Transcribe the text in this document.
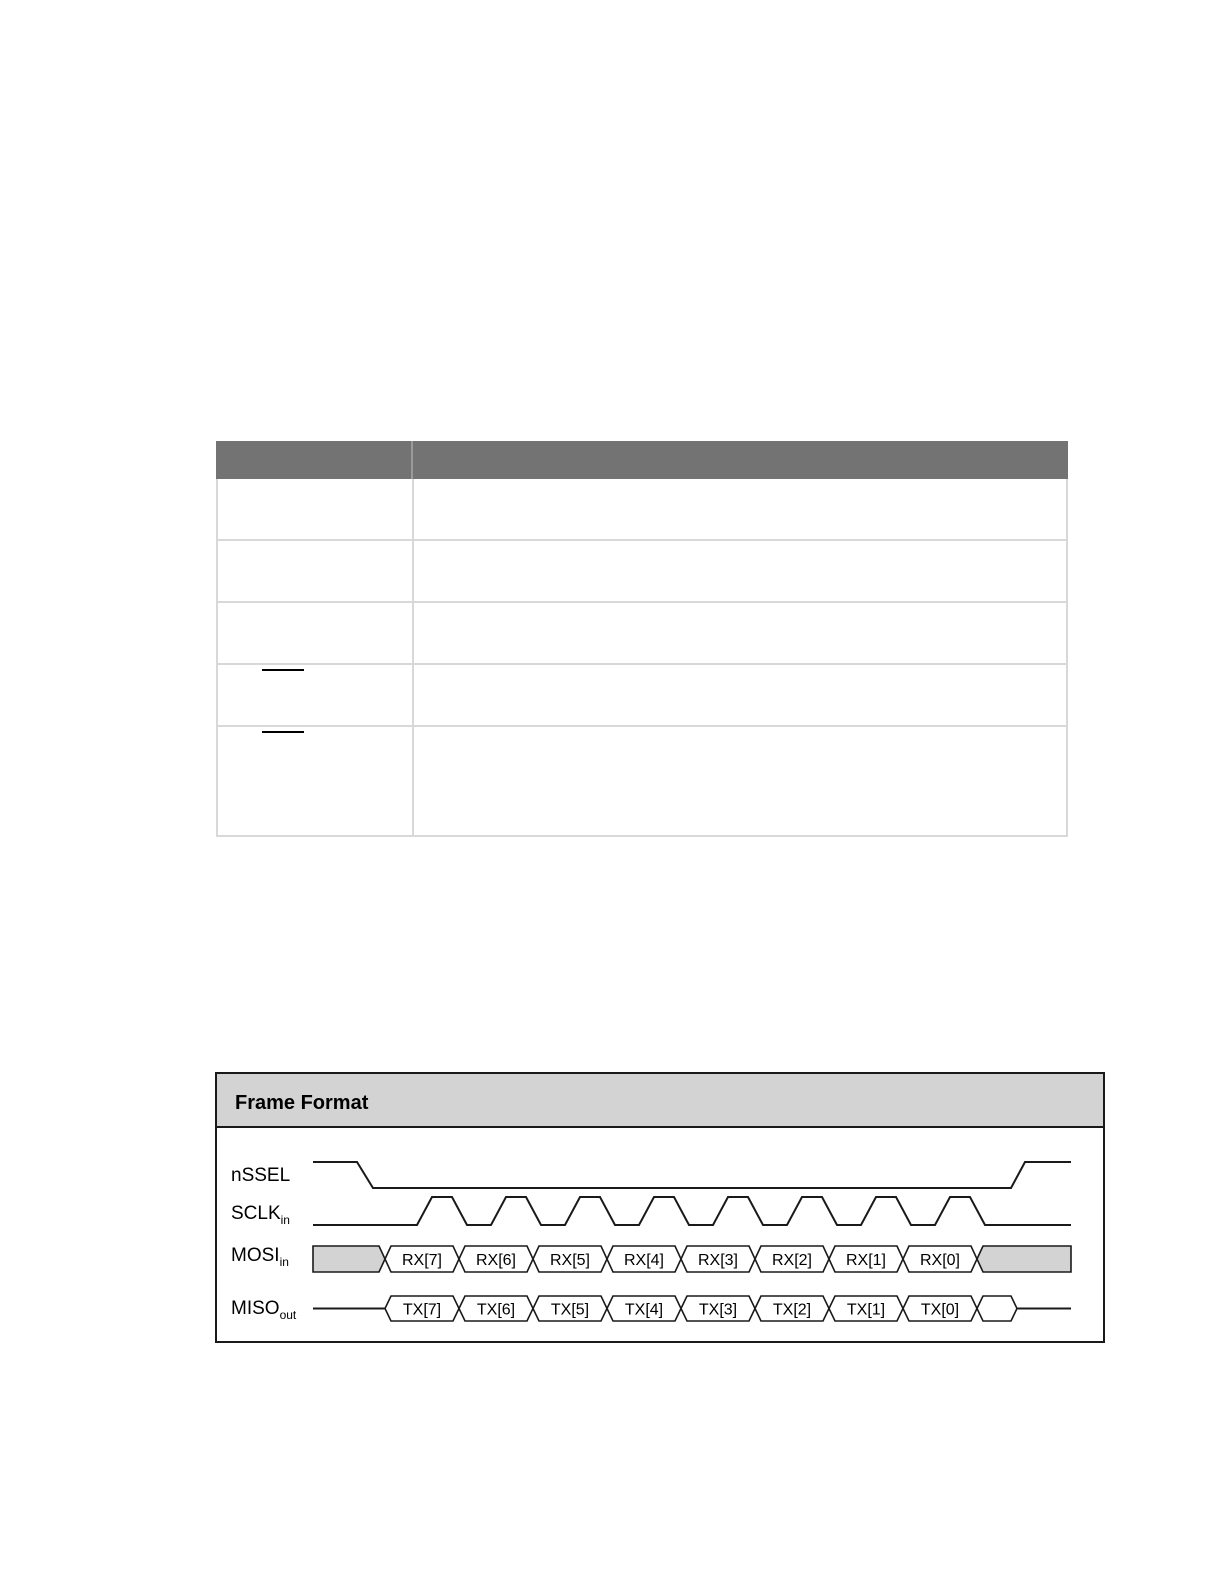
Frame Format
nSSEL
$SCLK_{in}$
$MOSI_{in}$
$MISO_{out}$
RX[7] RX[6] RX[5] RX[4] RX[3] RX[2] RX[1] RX[0]
TX[7] TX[6] TX[5] TX[4] TX[3] TX[2] TX[1] TX[0]
